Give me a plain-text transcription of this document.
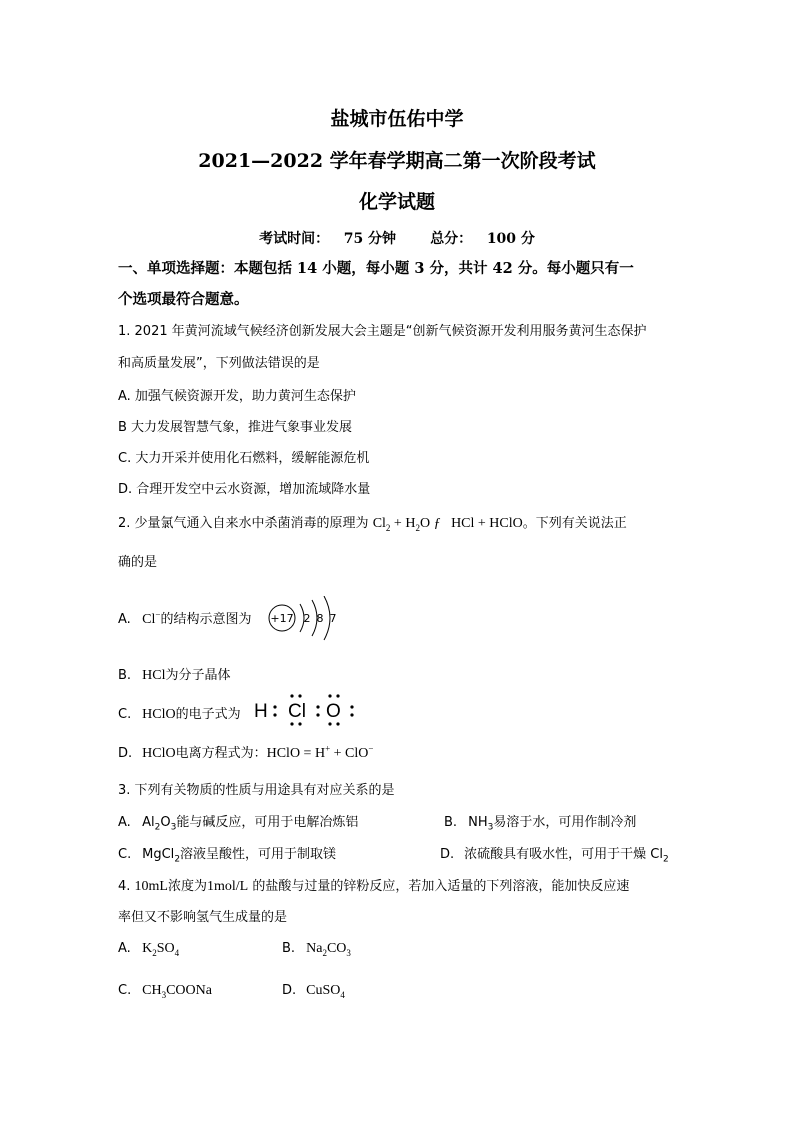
盐城市伍佑中学
2021—2022 学年春学期高二第一次阶段考试
化学试题
考试时间： 75 分钟 总分： 100 分
一、单项选择题：本题包括 14 小题，每小题 3 分，共计 42 分。每小题只有一
个选项最符合题意。
1. 2021 年黄河流域气候经济创新发展大会主题是“创新气候资源开发利用服务黄河生态保护
和高质量发展”，下列做法错误的是
A. 加强气候资源开发，助力黄河生态保护
B 大力发展智慧气象，推进气象事业发展
C. 大力开采并使用化石燃料，缓解能源危机
D. 合理开发空中云水资源，增加流域降水量
2. 少量氯气通入自来水中杀菌消毒的原理为 $Cl_2 + H_2O$ ƒ   HCl + HClO。下列有关说法正
确的是
A. Cl−的结构示意图为 +17 2 8 7
B. HCl为分子晶体
C. HClO的电子式为 H Cl O
D. HClO电离方程式为：HClO = H+ + ClO−
3. 下列有关物质的性质与用途具有对应关系的是
A. $Al_2O_3$能与碱反应，可用于电解冶炼铝	B. $NH_3$易溶于水，可用作制冷剂
C. MgCl$_2$溶液呈酸性，可用于制取镁	D. 浓硫酸具有吸水性，可用于干燥 $Cl_2$
4. 10mL浓度为1mol/L 的盐酸与过量的锌粉反应，若加入适量的下列溶液，能加快反应速
率但又不影响氢气生成量的是
A. $K_2SO_4$	B. $Na_2CO_3$
C. $CH_3COONa$	D. CuSO$_4$
